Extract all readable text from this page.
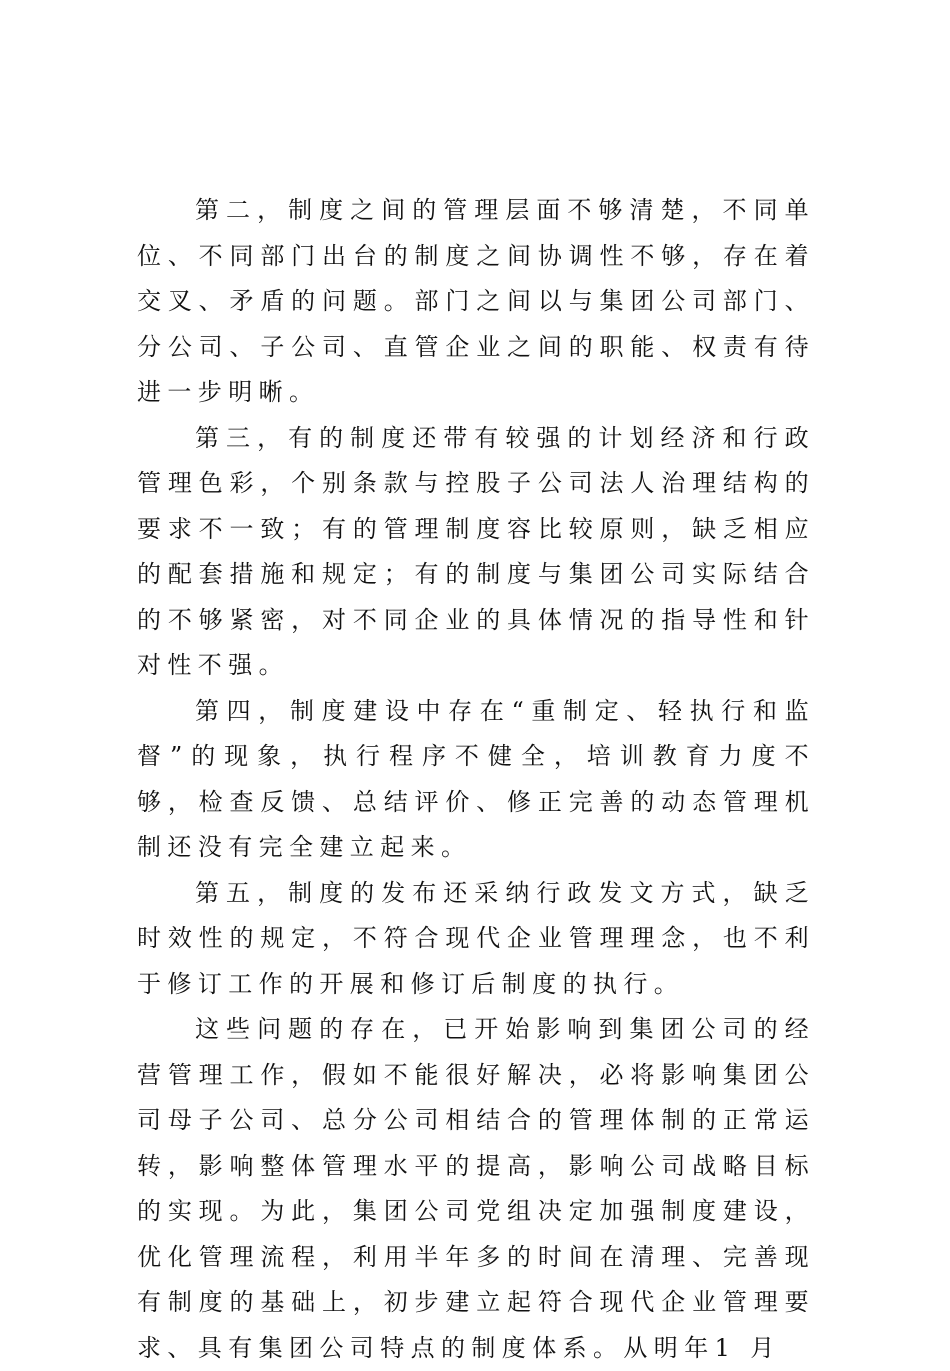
第二，制度之间的管理层面不够清楚，不同单位、不同部门出台的制度之间协调性不够，存在着交叉、矛盾的问题。部门之间以与集团公司部门、分公司、子公司、直管企业之间的职能、权责有待进一步明晰。

第三，有的制度还带有较强的计划经济和行政管理色彩，个别条款与控股子公司法人治理结构的要求不一致；有的管理制度容比较原则，缺乏相应的配套措施和规定；有的制度与集团公司实际结合的不够紧密，对不同企业的具体情况的指导性和针对性不强。

第四，制度建设中存在“重制定、轻执行和监督”的现象，执行程序不健全，培训教育力度不够，检查反馈、总结评价、修正完善的动态管理机制还没有完全建立起来。

第五，制度的发布还采纳行政发文方式，缺乏时效性的规定，不符合现代企业管理理念，也不利于修订工作的开展和修订后制度的执行。

这些问题的存在，已开始影响到集团公司的经营管理工作，假如不能很好解决，必将影响集团公司母子公司、总分公司相结合的管理体制的正常运转，影响整体管理水平的提高，影响公司战略目标的实现。为此，集团公司党组决定加强制度建设，优化管理流程，利用半年多的时间在清理、完善现有制度的基础上，初步建立起符合现代企业管理要求、具有集团公司特点的制度体系。从明年1 月
